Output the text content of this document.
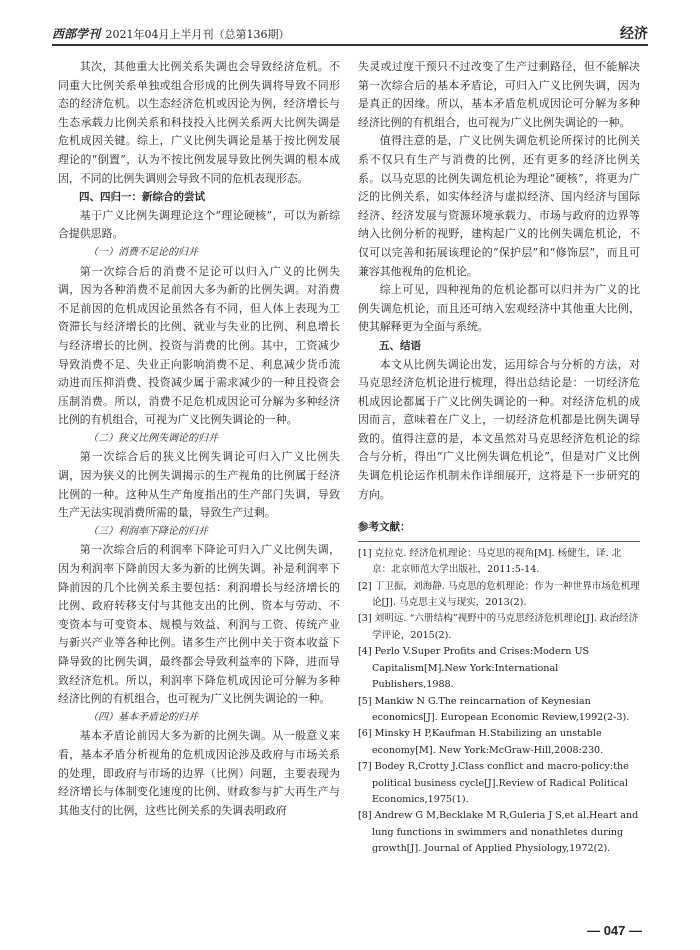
西部学刊 2021年04月上半月刊（总第136期）	经济

其次，其他重大比例关系失调也会导致经济危机。不同重大比例关系单独或组合形成的比例失调将导致不同形态的经济危机。以生态经济危机或因论为例，经济增长与生态承载力比例关系和科技投入比例关系两大比例失调是危机成因关键。综上，广义比例失调论是基于按比例发展理论的“倒置”，认为不按比例发展导致比例失调的根本成因，不同的比例失调则会导致不同的危机表现形态。

四、四归一：新综合的尝试

基于广义比例失调理论这个“理论硬核”，可以为新综合提供思路。

（一）消费不足论的归并

第一次综合后的消费不足论可以归入广义的比例失调，因为各种消费不足前因大多为新的比例失调。对消费不足前因的危机成因论虽然各有不同，但人体上表现为工资滞长与经济增长的比例、就业与失业的比例、利息增长与经济增长的比例、投资与消费的比例。其中，工资减少导致消费不足、失业正向影响消费不足、利息减少货币流动进而压抑消费、投资减少属于需求减少的一种且投资会压制消费。所以，消费不足危机成因论可分解为多种经济比例的有机组合，可视为广义比例失调论的一种。

（二）狭义比例失调论的归并

第一次综合后的狭义比例失调论可归入广义比例失调，因为狭义的比例失调揭示的生产视角的比例属于经济比例的一种。这种从生产角度指出的生产部门失调，导致生产无法实现消费所需的量，导致生产过剩。

（三）利润率下降论的归并

第一次综合后的利润率下降论可归入广义比例失调，因为利润率下降前因大多为新的比例失调。补是利润率下降前因的几个比例关系主要包括：利润增长与经济增长的比例、政府转移支付与其他支出的比例、资本与劳动、不变资本与可变资本、规模与效益、利润与工资、传统产业与新兴产业等各种比例。诸多生产比例中关于资本收益下降导致的比例失调，最终都会导致利益率的下降，进而导致经济危机。所以，利润率下降危机成因论可分解为多种经济比例的有机组合，也可视为广义比例失调论的一种。

（四）基本矛盾论的归并

基本矛盾论前因大多为新的比例失调。从一般意义来看，基本矛盾分析视角的危机成因论涉及政府与市场关系的处理，即政府与市场的边界（比例）问题，主要表现为经济增长与体制变化速度的比例、财政参与扩大再生产与其他支付的比例，这些比例关系的失调表明政府

失灵或过度干预只不过改变了生产过剩路径，但不能解决第一次综合后的基本矛盾论，可归入广义比例失调，因为是真正的因缘。所以，基本矛盾危机成因论可分解为多种经济比例的有机组合，也可视为广义比例失调论的一种。

值得注意的是，广义比例失调危机论所探讨的比例关系不仅只有生产与消费的比例，还有更多的经济比例关系。以马克思的比例失调危机论为理论“硬核”，将更为广泛的比例关系，如实体经济与虚拟经济、国内经济与国际经济、经济发展与资源环境承载力、市场与政府的边界等纳入比例分析的视野，建构起广义的比例失调危机论，不仅可以完善和拓展该理论的“保护层”和“修饰层”，而且可兼容其他视角的危机论。

综上可见，四种视角的危机论都可以归并为广义的比例失调危机论，而且还可纳入宏观经济中其他重大比例，使其解释更为全面与系统。

五、结语

本文从比例失调论出发，运用综合与分析的方法，对马克思经济危机论进行梳理，得出总结论是：一切经济危机成因论都属于广义比例失调论的一种。对经济危机的成因而言，意味着在广义上，一切经济危机都是比例失调导致的。值得注意的是，本文虽然对马克思经济危机论的综合与分析，得出“广义比例失调危机论”，但是对广义比例失调危机论运作机制未作详细展开，这将是下一步研究的方向。

参考文献：

[1] 克拉克. 经济危机理论：马克思的视角[M]. 杨健生，译. 北京：北京师范大学出版社，2011:5-14.

[2] 丁卫振，刘海静. 马克思的危机理论：作为一种世界市场危机理论[J]. 马克思主义与现实，2013(2).

[3] 刘明远. “六册结构”视野中的马克思经济危机理论[J]. 政治经济学评论，2015(2).

[4] Perlo V.Super Profits and Crises:Modern US Capitalism[M].New York:International Publishers,1988.

[5] Mankiw N G.The reincarnation of Keynesian economics[J]. European Economic Review,1992(2-3).

[6] Minsky H P,Kaufman H.Stabilizing an unstable economy[M]. New York:McGraw-Hill,2008:230.

[7] Bodey R,Crotty J.Class conflict and macro-policy:the political business cycle[J].Review of Radical Political Economics,1975(1).

[8] Andrew G M,Becklake M R,Guleria J S,et al.Heart and lung functions in swimmers and nonathletes during growth[J]. Journal of Applied Physiology,1972(2).

— 047 —
